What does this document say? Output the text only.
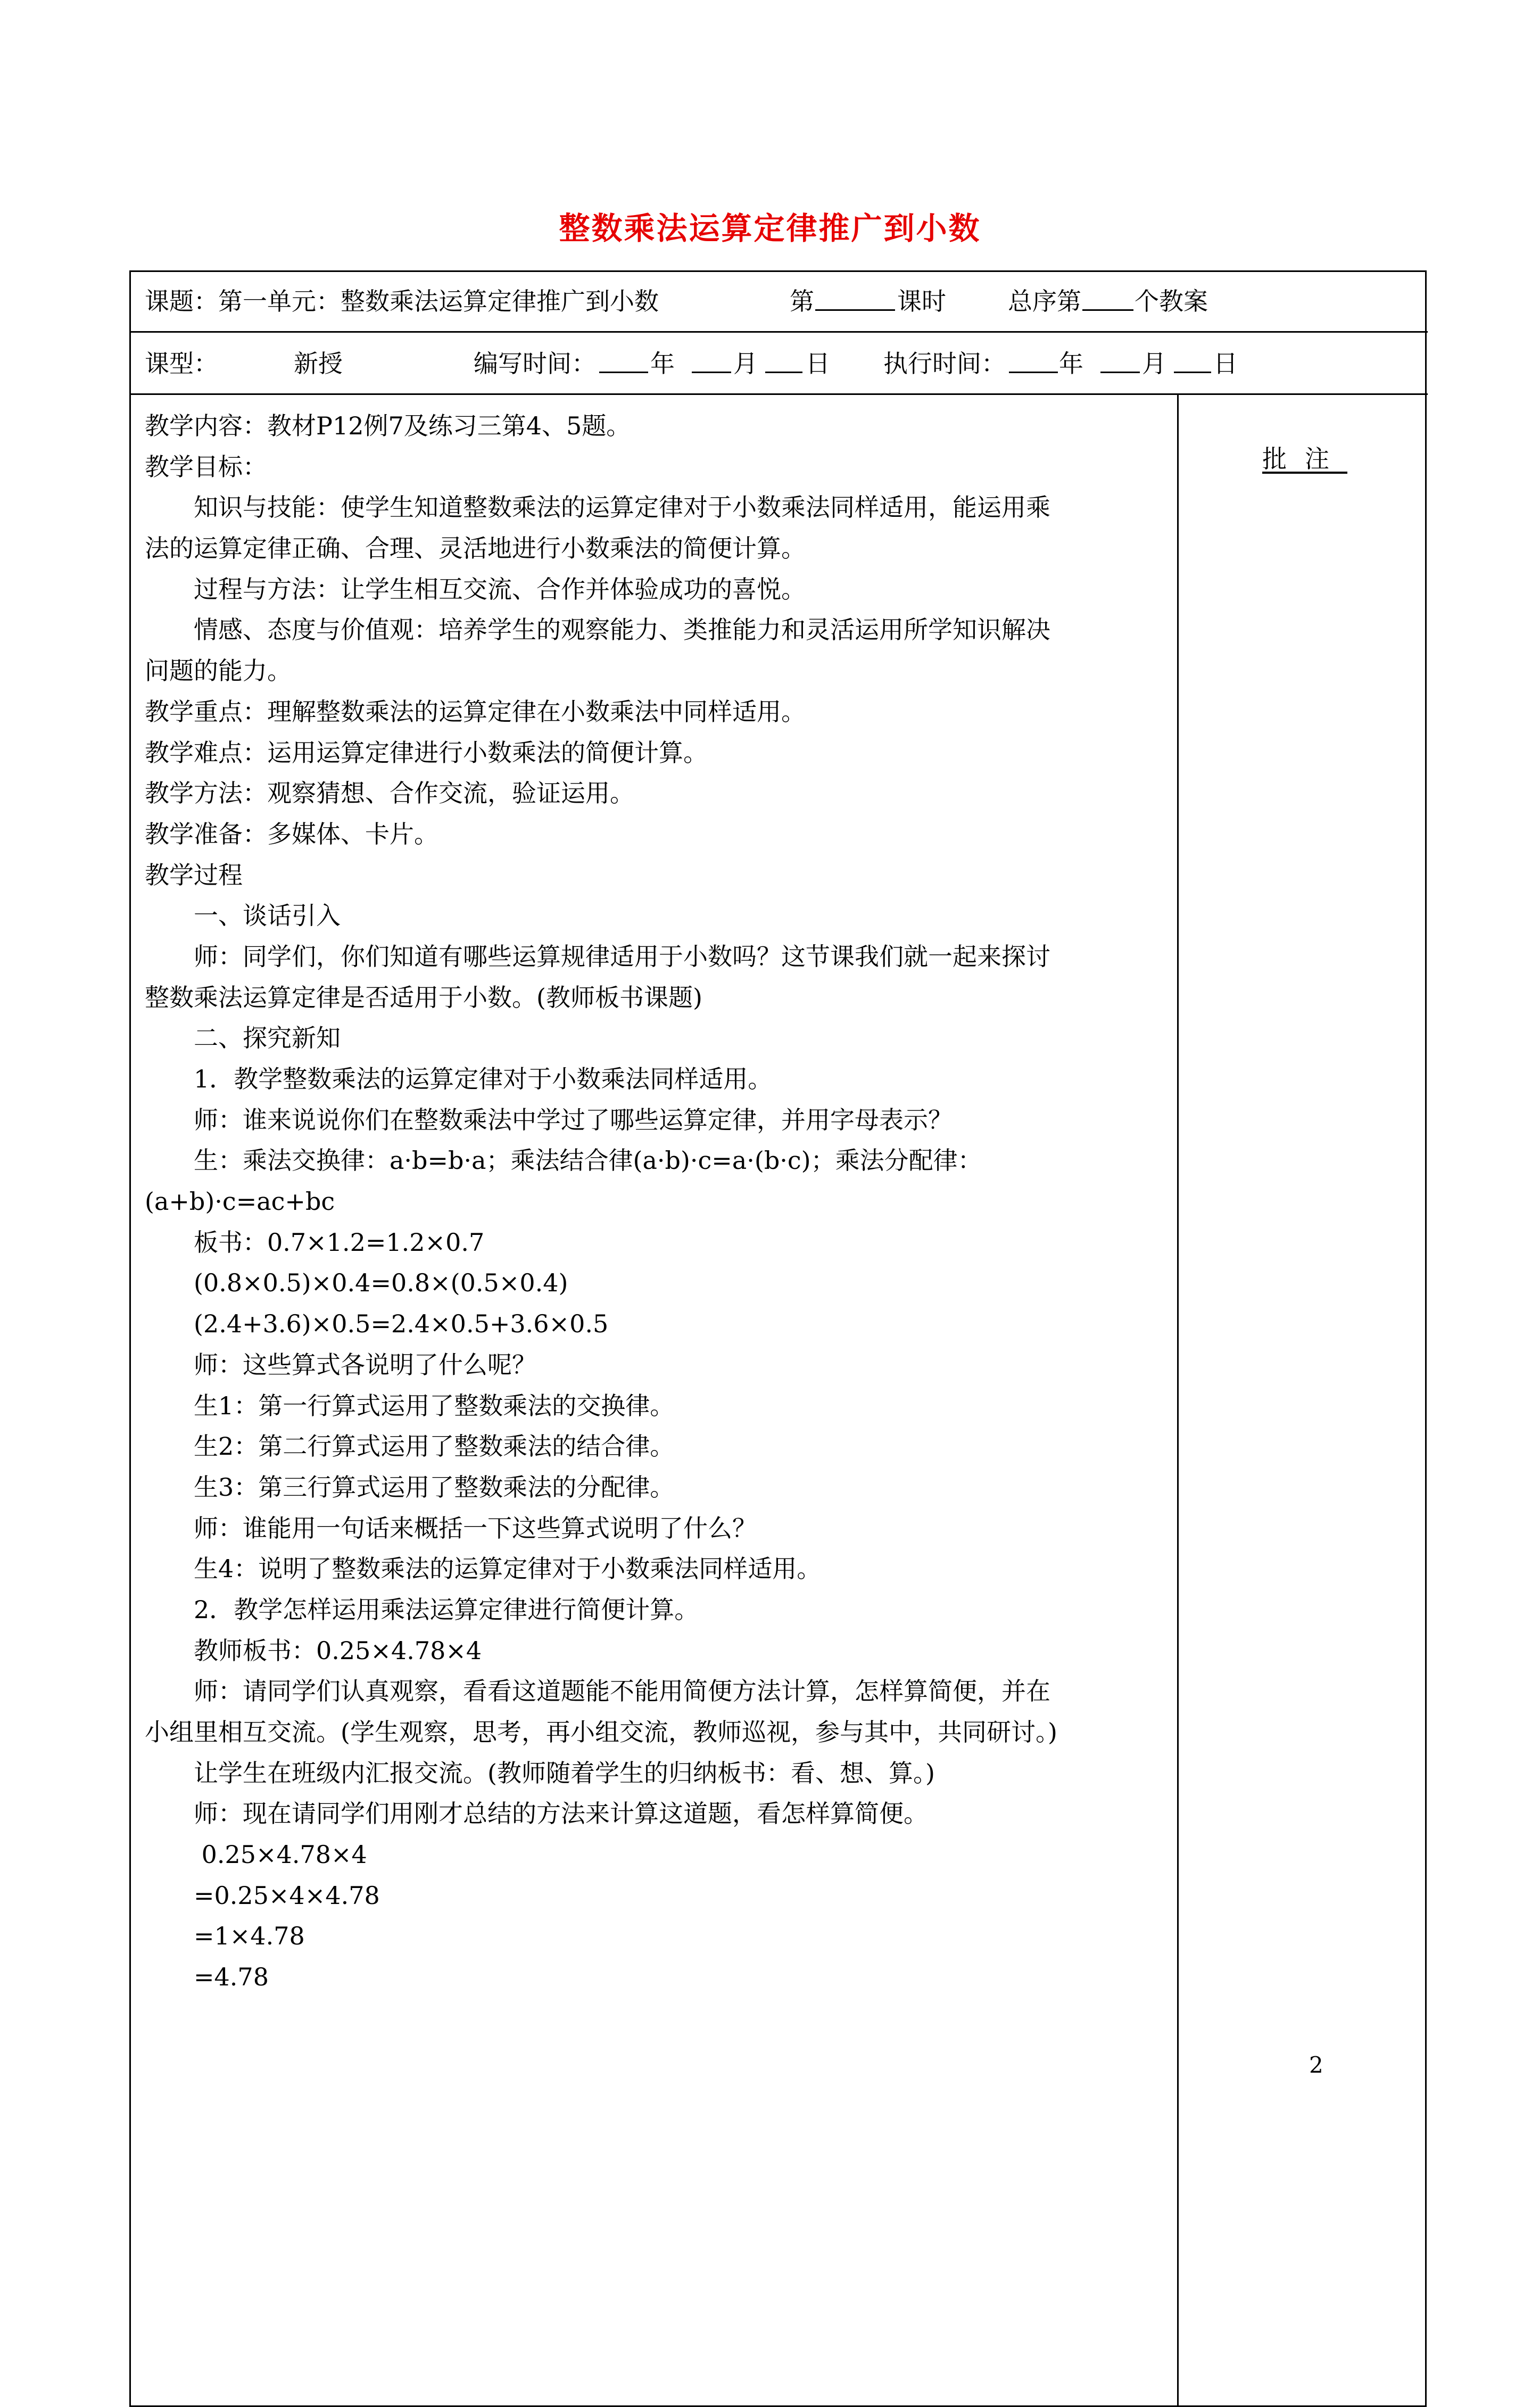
整数乘法运算定律推广到小数
课题：第一单元：整数乘法运算定律推广到小数	第	课时	总序第 个教案
课型：	新授	编写时间： 年 月 日 执行时间： 年 月 日
批注
教学内容：教材P12例7及练习三第4、5题。
教学目标：
知识与技能：使学生知道整数乘法的运算定律对于小数乘法同样适用，能运用乘
法的运算定律正确、合理、灵活地进行小数乘法的简便计算。
过程与方法：让学生相互交流、合作并体验成功的喜悦。
情感、态度与价值观：培养学生的观察能力、类推能力和灵活运用所学知识解决
问题的能力。
教学重点：理解整数乘法的运算定律在小数乘法中同样适用。
教学难点：运用运算定律进行小数乘法的简便计算。
教学方法：观察猜想、合作交流，验证运用。
教学准备：多媒体、卡片。
教学过程
一、谈话引入
师：同学们，你们知道有哪些运算规律适用于小数吗？这节课我们就一起来探讨
整数乘法运算定律是否适用于小数。(教师板书课题)
二、探究新知
1．教学整数乘法的运算定律对于小数乘法同样适用。
师：谁来说说你们在整数乘法中学过了哪些运算定律，并用字母表示？
生：乘法交换律：a·b=b·a；乘法结合律(a·b)·c=a·(b·c)；乘法分配律：
(a+b)·c=ac+bc
板书：0.7×1.2=1.2×0.7
(0.8×0.5)×0.4=0.8×(0.5×0.4)
(2.4+3.6)×0.5=2.4×0.5+3.6×0.5
师：这些算式各说明了什么呢？
生1：第一行算式运用了整数乘法的交换律。
生2：第二行算式运用了整数乘法的结合律。
生3：第三行算式运用了整数乘法的分配律。
师：谁能用一句话来概括一下这些算式说明了什么？
生4：说明了整数乘法的运算定律对于小数乘法同样适用。
2．教学怎样运用乘法运算定律进行简便计算。
教师板书：0.25×4.78×4
师：请同学们认真观察，看看这道题能不能用简便方法计算，怎样算简便，并在
小组里相互交流。(学生观察，思考，再小组交流，教师巡视，参与其中，共同研讨。)
让学生在班级内汇报交流。(教师随着学生的归纳板书：看、想、算。)
师：现在请同学们用刚才总结的方法来计算这道题，看怎样算简便。
0.25×4.78×4
=0.25×4×4.78
=1×4.78
=4.78
2
